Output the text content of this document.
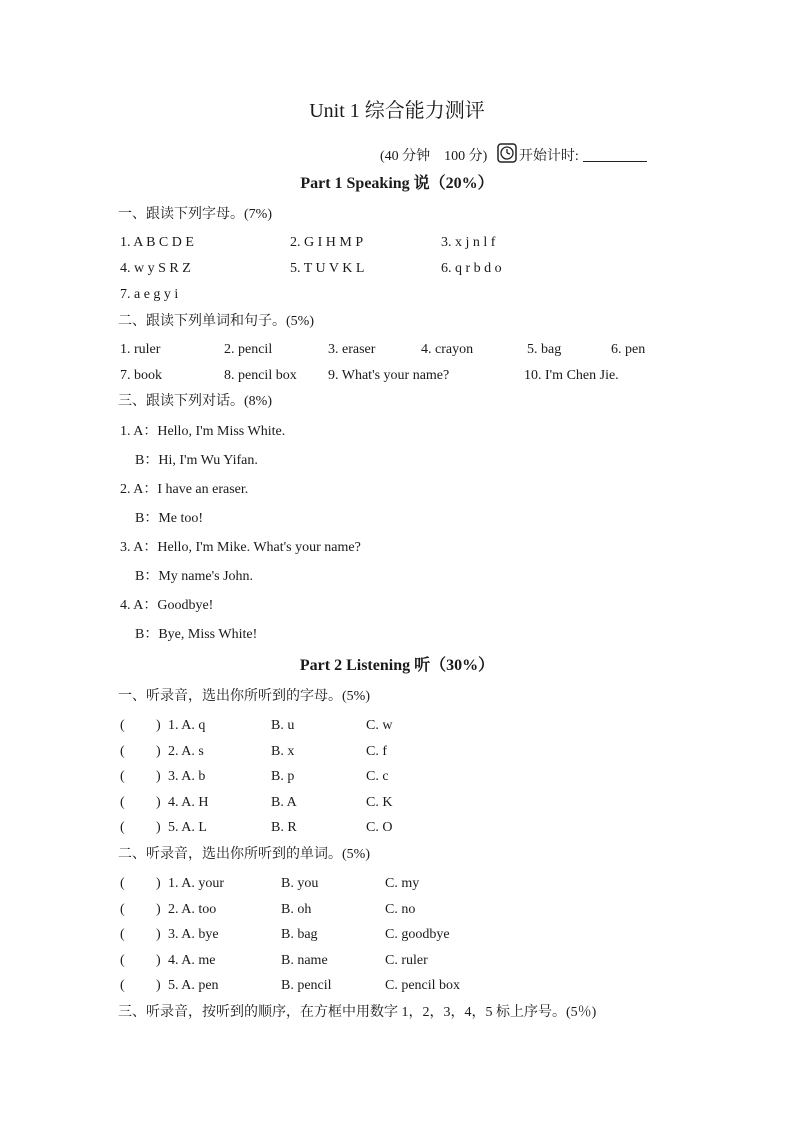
Unit 1 综合能力测评
(40 分钟 100 分) 开始计时:
Part 1 Speaking 说（20%）
一、跟读下列字母。(7%)
1. A B C D E	2. G I H M P	3. x j n l f
4. w y S R Z	5. T U V K L	6. q r b d o
7. a e g y i
二、跟读下列单词和句子。(5%)
1. ruler	2. pencil	3. eraser	4. crayon	5. bag	6. pen
7. book	8. pencil box 9. What's your name?	10. I'm Chen Jie.
三、跟读下列对话。(8%)
1. A：Hello, I'm Miss White.
B：Hi, I'm Wu Yifan.
2. A：I have an eraser.
B：Me too!
3. A：Hello, I'm Mike. What's your name?
B：My name's John.
4. A：Goodbye!
B：Bye, Miss White!
Part 2 Listening 听（30%）
一、听录音，选出你所听到的字母。(5%)
( ) 1. A. q	B. u	C. w
( ) 2. A. s	B. x	C. f
( ) 3. A. b	B. p	C. c
( ) 4. A. H	B. A	C. K
( ) 5. A. L	B. R	C. O
二、听录音，选出你所听到的单词。(5%)
( ) 1. A. your	B. you	C. my
( ) 2. A. too	B. oh	C. no
( ) 3. A. bye	B. bag	C. goodbye
( ) 4. A. me	B. name	C. ruler
( ) 5. A. pen	B. pencil	C. pencil box
三、听录音，按听到的顺序，在方框中用数字 1，2，3，4，5 标上序号。(5％)
